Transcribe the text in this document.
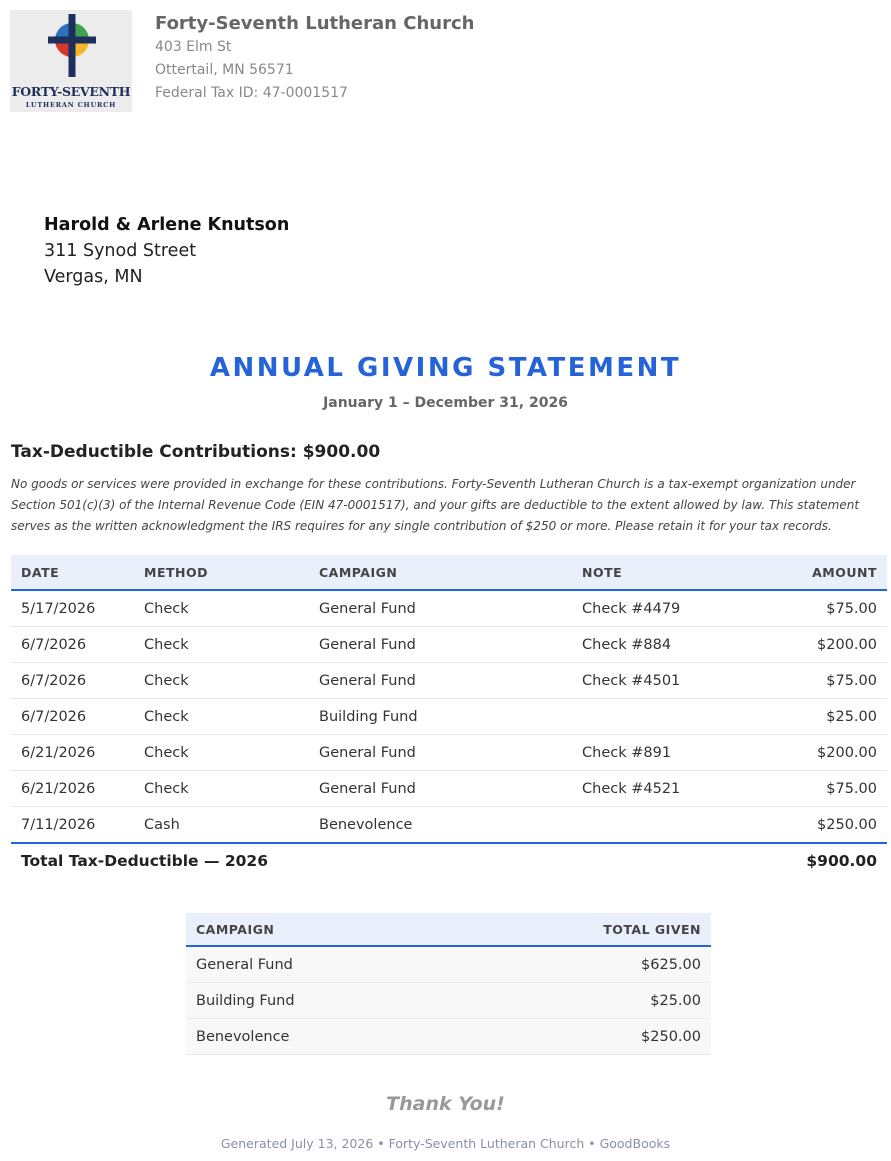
FORTY-SEVENTH
LUTHERAN CHURCH
Forty-Seventh Lutheran Church
403 Elm St
Ottertail, MN 56571
Federal Tax ID: 47-0001517
Harold & Arlene Knutson
311 Synod Street
Vergas, MN
ANNUAL GIVING STATEMENT
January 1 – December 31, 2026
Tax-Deductible Contributions: $900.00
No goods or services were provided in exchange for these contributions. Forty-Seventh Lutheran Church is a tax-exempt organization under Section 501(c)(3) of the Internal Revenue Code (EIN 47-0001517), and your gifts are deductible to the extent allowed by law. This statement serves as the written acknowledgment the IRS requires for any single contribution of $250 or more. Please retain it for your tax records.
DATE	METHOD	CAMPAIGN	NOTE	AMOUNT
5/17/2026	Check	General Fund	Check #4479	$75.00
6/7/2026	Check	General Fund	Check #884	$200.00
6/7/2026	Check	General Fund	Check #4501	$75.00
6/7/2026	Check	Building Fund		$25.00
6/21/2026	Check	General Fund	Check #891	$200.00
6/21/2026	Check	General Fund	Check #4521	$75.00
7/11/2026	Cash	Benevolence		$250.00
Total Tax-Deductible — 2026	$900.00
CAMPAIGN	TOTAL GIVEN
General Fund	$625.00
Building Fund	$25.00
Benevolence	$250.00
Thank You!
Generated July 13, 2026 • Forty-Seventh Lutheran Church • GoodBooks
